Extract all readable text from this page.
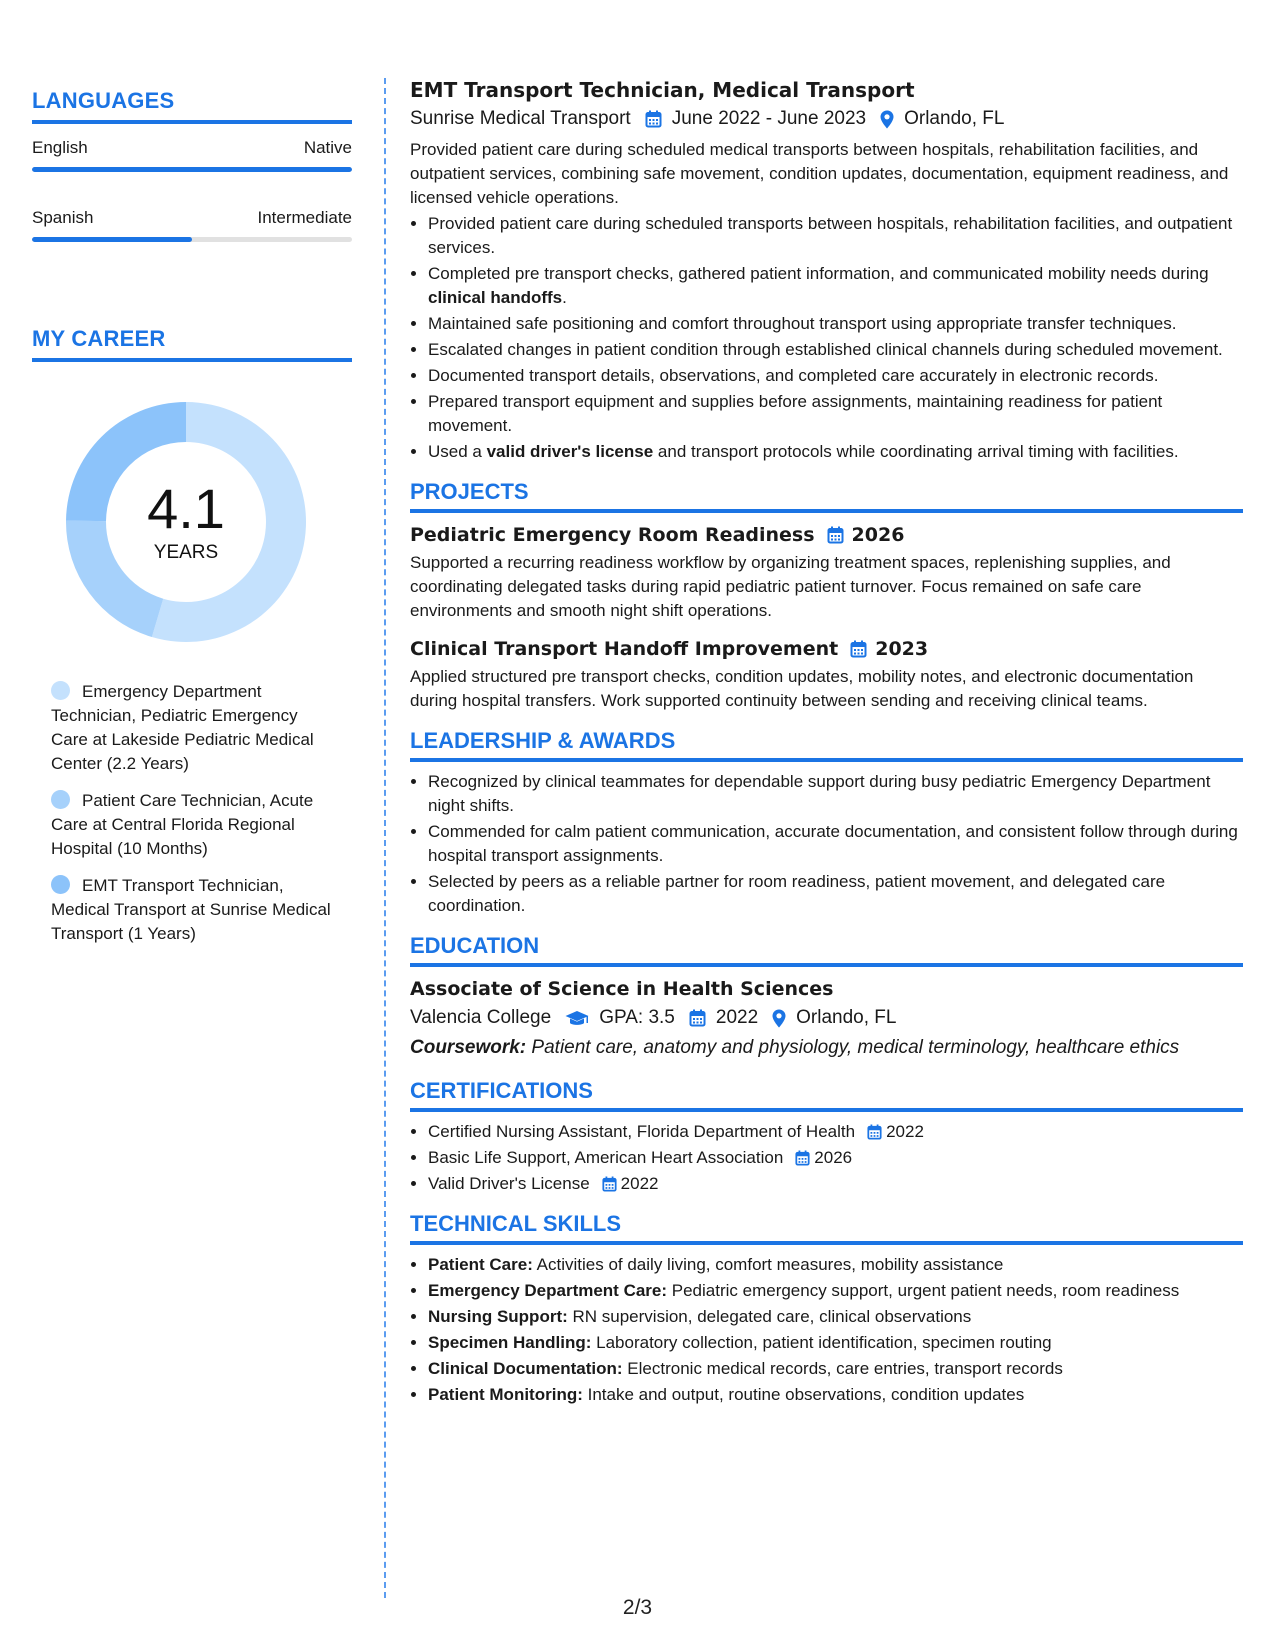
LANGUAGES
English	Native
Spanish	Intermediate
MY CAREER
4.1
YEARS
Emergency Department Technician, Pediatric Emergency Care at Lakeside Pediatric Medical Center (2.2 Years)
Patient Care Technician, Acute Care at Central Florida Regional Hospital (10 Months)
EMT Transport Technician, Medical Transport at Sunrise Medical Transport (1 Years)
EMT Transport Technician, Medical Transport
Sunrise Medical Transport June 2022 - June 2023 Orlando, FL
Provided patient care during scheduled medical transports between hospitals, rehabilitation facilities, and outpatient services, combining safe movement, condition updates, documentation, equipment readiness, and licensed vehicle operations.
• Provided patient care during scheduled transports between hospitals, rehabilitation facilities, and outpatient services.
• Completed pre transport checks, gathered patient information, and communicated mobility needs during clinical handoffs.
• Maintained safe positioning and comfort throughout transport using appropriate transfer techniques.
• Escalated changes in patient condition through established clinical channels during scheduled movement.
• Documented transport details, observations, and completed care accurately in electronic records.
• Prepared transport equipment and supplies before assignments, maintaining readiness for patient movement.
• Used a valid driver's license and transport protocols while coordinating arrival timing with facilities.
PROJECTS
Pediatric Emergency Room Readiness 2026
Supported a recurring readiness workflow by organizing treatment spaces, replenishing supplies, and coordinating delegated tasks during rapid pediatric patient turnover. Focus remained on safe care environments and smooth night shift operations.
Clinical Transport Handoff Improvement 2023
Applied structured pre transport checks, condition updates, mobility notes, and electronic documentation during hospital transfers. Work supported continuity between sending and receiving clinical teams.
LEADERSHIP & AWARDS
• Recognized by clinical teammates for dependable support during busy pediatric Emergency Department night shifts.
• Commended for calm patient communication, accurate documentation, and consistent follow through during hospital transport assignments.
• Selected by peers as a reliable partner for room readiness, patient movement, and delegated care coordination.
EDUCATION
Associate of Science in Health Sciences
Valencia College	GPA: 3.5 2022 Orlando, FL
Coursework: Patient care, anatomy and physiology, medical terminology, healthcare ethics
CERTIFICATIONS
• Certified Nursing Assistant, Florida Department of Health 2022
• Basic Life Support, American Heart Association 2026
• Valid Driver's License 2022
TECHNICAL SKILLS
• Patient Care: Activities of daily living, comfort measures, mobility assistance
• Emergency Department Care: Pediatric emergency support, urgent patient needs, room readiness
• Nursing Support: RN supervision, delegated care, clinical observations
• Specimen Handling: Laboratory collection, patient identification, specimen routing
• Clinical Documentation: Electronic medical records, care entries, transport records
• Patient Monitoring: Intake and output, routine observations, condition updates
2/3
